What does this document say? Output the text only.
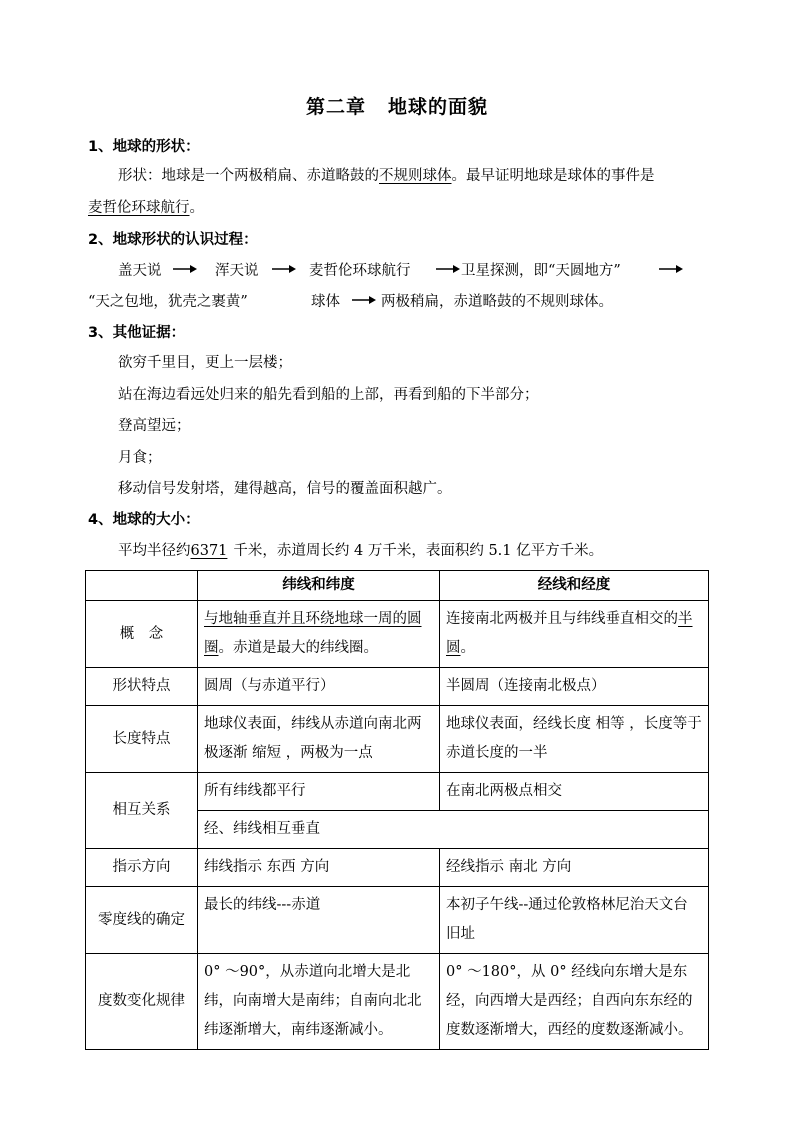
第二章 地球的面貌
1、地球的形状：
形状：地球是一个两极稍扁、赤道略鼓的不规则球体。最早证明地球是球体的事件是
麦哲伦环球航行。
2、地球形状的认识过程：
盖天说	浑天说	麦哲伦环球航行	卫星探测，即“天圆地方”
“天之包地，犹壳之裹黄”	球体	两极稍扁，赤道略鼓的不规则球体。
3、其他证据：
欲穷千里目，更上一层楼；
站在海边看远处归来的船先看到船的上部，再看到船的下半部分；
登高望远；
月食；
移动信号发射塔，建得越高，信号的覆盖面积越广。
4、地球的大小：
平均半径约6371 千米，赤道周长约 4 万千米，表面积约 5.1 亿平方千米。
	纬线和纬度	经线和经度
概　念	与地轴垂直并且环绕地球一周的圆圈。赤道是最大的纬线圈。	连接南北两极并且与纬线垂直相交的半圆。
形状特点	圆周（与赤道平行）	半圆周（连接南北极点）
长度特点	地球仪表面，纬线从赤道向南北两极逐渐 缩短 ，两极为一点	地球仪表面，经线长度 相等 ，长度等于赤道长度的一半
相互关系	所有纬线都平行	在南北两极点相交
	经、纬线相互垂直	
指示方向	纬线指示 东西 方向	经线指示 南北 方向
零度线的确定	最长的纬线---赤道	本初子午线--通过伦敦格林尼治天文台旧址
度数变化规律	0° ～90°，从赤道向北增大是北纬，向南增大是南纬；自南向北北纬逐渐增大，南纬逐渐减小。	0° ～180°，从 0° 经线向东增大是东经，向西增大是西经；自西向东东经的度数逐渐增大，西经的度数逐渐减小。
